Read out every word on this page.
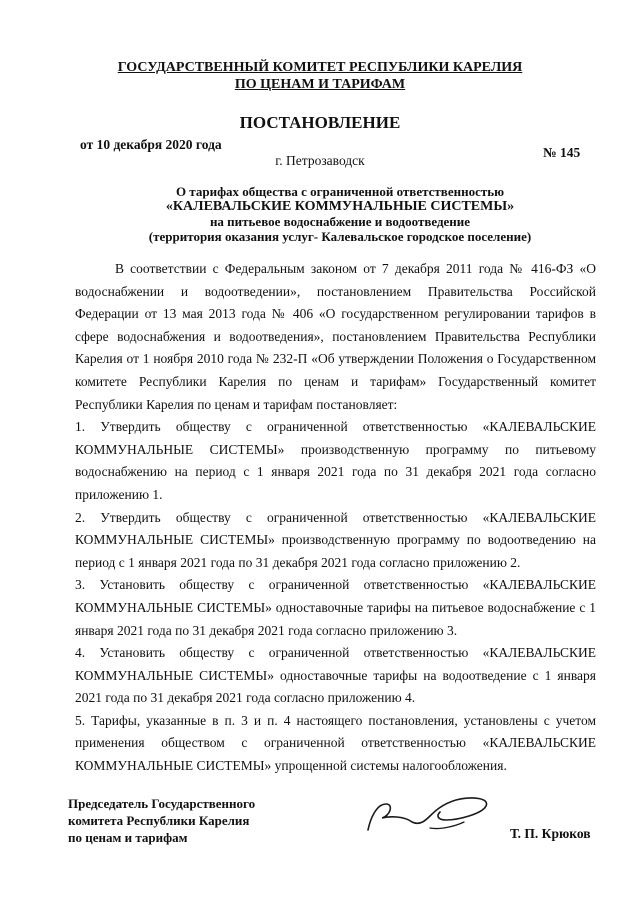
ГОСУДАРСТВЕННЫЙ КОМИТЕТ РЕСПУБЛИКИ КАРЕЛИЯ
ПО ЦЕНАМ И ТАРИФАМ
ПОСТАНОВЛЕНИЕ
от 10 декабря 2020 года
№ 145
г. Петрозаводск
О тарифах общества с ограниченной ответственностью
«КАЛЕВАЛЬСКИЕ КОММУНАЛЬНЫЕ СИСТЕМЫ»
на питьевое водоснабжение и водоотведение
(территория оказания услуг- Калевальское городское поселение)

В соответствии с Федеральным законом от 7 декабря 2011 года № 416-ФЗ «О водоснабжении и водоотведении», постановлением Правительства Российской Федерации от 13 мая 2013 года № 406 «О государственном регулировании тарифов в сфере водоснабжения и водоотведения», постановлением Правительства Республики Карелия от 1 ноября 2010 года № 232-П «Об утверждении Положения о Государственном комитете Республики Карелия по ценам и тарифам» Государственный комитет Республики Карелия по ценам и тарифам постановляет:

1. Утвердить обществу с ограниченной ответственностью «КАЛЕВАЛЬСКИЕ КОММУНАЛЬНЫЕ СИСТЕМЫ» производственную программу по питьевому водоснабжению на период с 1 января 2021 года по 31 декабря 2021 года согласно приложению 1.

2. Утвердить обществу с ограниченной ответственностью «КАЛЕВАЛЬСКИЕ КОММУНАЛЬНЫЕ СИСТЕМЫ» производственную программу по водоотведению на период с 1 января 2021 года по 31 декабря 2021 года согласно приложению 2.

3. Установить обществу с ограниченной ответственностью «КАЛЕВАЛЬСКИЕ КОММУНАЛЬНЫЕ СИСТЕМЫ» одноставочные тарифы на питьевое водоснабжение с 1 января 2021 года по 31 декабря 2021 года согласно приложению 3.

4. Установить обществу с ограниченной ответственностью «КАЛЕВАЛЬСКИЕ КОММУНАЛЬНЫЕ СИСТЕМЫ» одноставочные тарифы на водоотведение с 1 января 2021 года по 31 декабря 2021 года согласно приложению 4.

5. Тарифы, указанные в п. 3 и п. 4 настоящего постановления, установлены с учетом применения обществом с ограниченной ответственностью «КАЛЕВАЛЬСКИЕ КОММУНАЛЬНЫЕ СИСТЕМЫ» упрощенной системы налогообложения.

Председатель Государственного
комитета Республики Карелия
по ценам и тарифам	Т. П. Крюков
